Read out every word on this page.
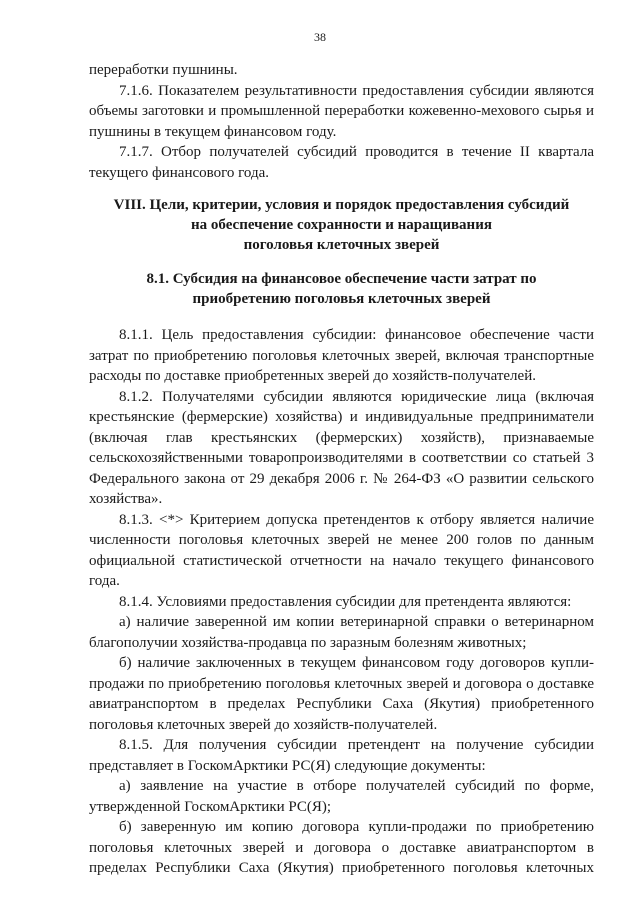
38

переработки пушнины.

7.1.6. Показателем результативности предоставления субсидии являются объемы заготовки и промышленной переработки кожевенно-мехового сырья и пушнины в текущем финансовом году.

7.1.7. Отбор получателей субсидий проводится в течение II квартала текущего финансового года.

VIII. Цели, критерии, условия и порядок предоставления субсидий
на обеспечение сохранности и наращивания
поголовья клеточных зверей
8.1. Субсидия на финансовое обеспечение части затрат по
приобретению поголовья клеточных зверей

8.1.1. Цель предоставления субсидии: финансовое обеспечение части затрат по приобретению поголовья клеточных зверей, включая транспортные расходы по доставке приобретенных зверей до хозяйств-получателей.

8.1.2. Получателями субсидии являются юридические лица (включая крестьянские (фермерские) хозяйства) и индивидуальные предприниматели (включая глав крестьянских (фермерских) хозяйств), признаваемые сельскохозяйственными товаропроизводителями в соответствии со статьей 3 Федерального закона от 29 декабря 2006 г. № 264-ФЗ «О развитии сельского хозяйства».

8.1.3. <*> Критерием допуска претендентов к отбору является наличие численности поголовья клеточных зверей не менее 200 голов по данным официальной статистической отчетности на начало текущего финансового года.

8.1.4. Условиями предоставления субсидии для претендента являются:

а) наличие заверенной им копии ветеринарной справки о ветеринарном благополучии хозяйства-продавца по заразным болезням животных;

б) наличие заключенных в текущем финансовом году договоров купли-продажи по приобретению поголовья клеточных зверей и договора о доставке авиатранспортом в пределах Республики Саха (Якутия) приобретенного поголовья клеточных зверей до хозяйств-получателей.

8.1.5. Для получения субсидии претендент на получение субсидии представляет в ГоскомАрктики РС(Я) следующие документы:

а) заявление на участие в отборе получателей субсидий по форме, утвержденной ГоскомАрктики РС(Я);

б) заверенную им копию договора купли-продажи по приобретению
поголовья клеточных зверей и договора о доставке авиатранспортом в
пределах Республики Саха (Якутия) приобретенного поголовья клеточных
